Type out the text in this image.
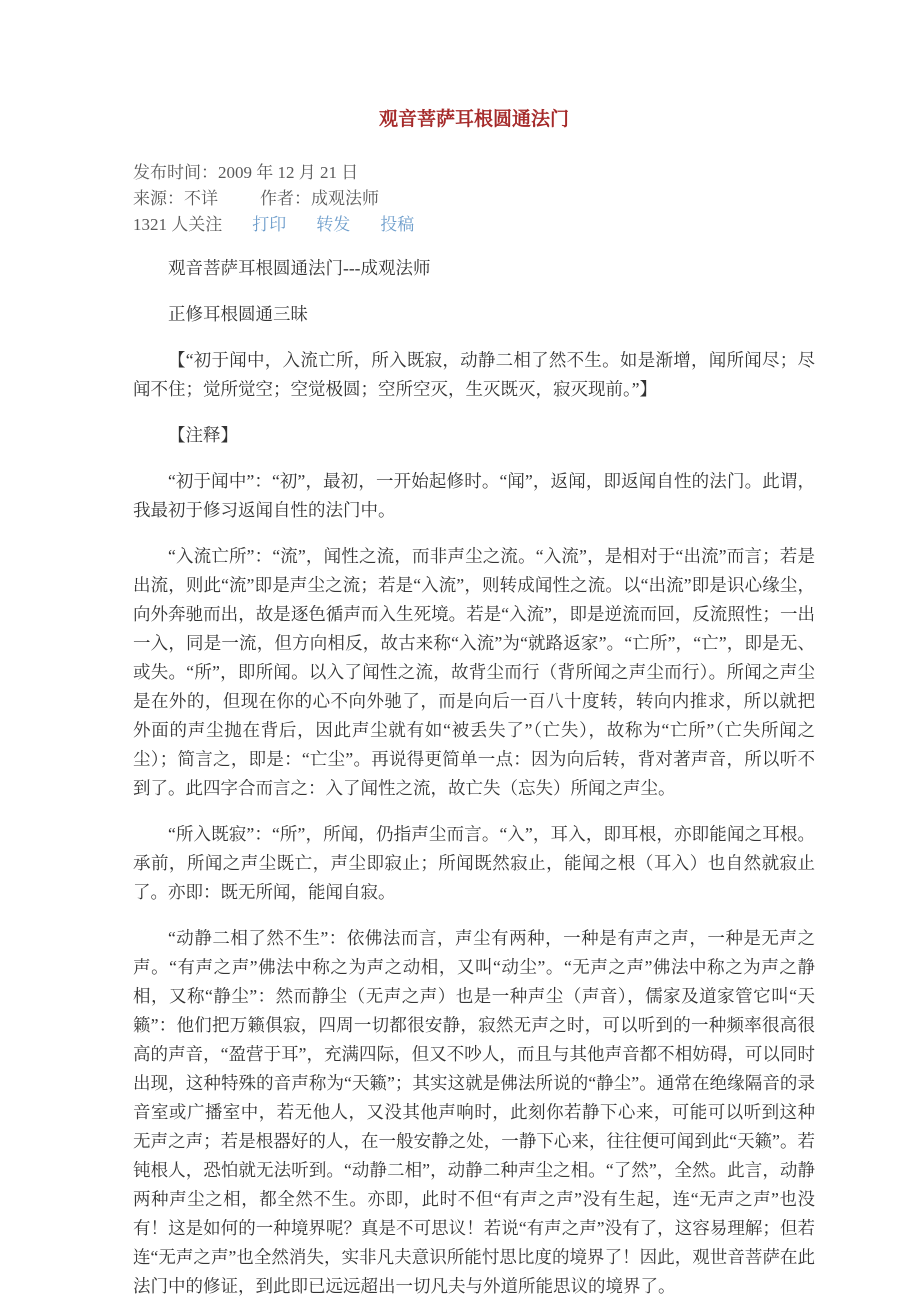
观音菩萨耳根圆通法门
发布时间：2009 年 12 月 21 日
来源：不详 作者：成观法师
1321 人关注 打印 转发 投稿

观音菩萨耳根圆通法门---成观法师

正修耳根圆通三昧

【“初于闻中，入流亡所，所入既寂，动静二相了然不生。如是渐增，闻所闻尽；尽闻不住；觉所觉空；空觉极圆；空所空灭，生灭既灭，寂灭现前。”】

【注释】

“初于闻中”：“初”，最初，一开始起修时。“闻”，返闻，即返闻自性的法门。此谓，我最初于修习返闻自性的法门中。

“入流亡所”：“流”，闻性之流，而非声尘之流。“入流”，是相对于“出流”而言；若是出流，则此“流”即是声尘之流；若是“入流”，则转成闻性之流。以“出流”即是识心缘尘，向外奔驰而出，故是逐色循声而入生死境。若是“入流”，即是逆流而回，反流照性；一出一入，同是一流，但方向相反，故古来称“入流”为“就路返家”。“亡所”，“亡”，即是无、或失。“所”，即所闻。以入了闻性之流，故背尘而行（背所闻之声尘而行）。所闻之声尘是在外的，但现在你的心不向外驰了，而是向后一百八十度转，转向内推求，所以就把外面的声尘抛在背后，因此声尘就有如“被丢失了”（亡失），故称为“亡所”（亡失所闻之尘）；简言之，即是：“亡尘”。再说得更简单一点：因为向后转，背对著声音，所以听不到了。此四字合而言之：入了闻性之流，故亡失（忘失）所闻之声尘。

“所入既寂”：“所”，所闻，仍指声尘而言。“入”，耳入，即耳根，亦即能闻之耳根。承前，所闻之声尘既亡，声尘即寂止；所闻既然寂止，能闻之根（耳入）也自然就寂止了。亦即：既无所闻，能闻自寂。

“动静二相了然不生”：依佛法而言，声尘有两种，一种是有声之声，一种是无声之声。“有声之声”佛法中称之为声之动相，又叫“动尘”。“无声之声”佛法中称之为声之静相，又称“静尘”：然而静尘（无声之声）也是一种声尘（声音），儒家及道家管它叫“天籁”：他们把万籁俱寂，四周一切都很安静，寂然无声之时，可以听到的一种频率很高很高的声音，“盈营于耳”，充满四际，但又不吵人，而且与其他声音都不相妨碍，可以同时出现，这种特殊的音声称为“天籁”；其实这就是佛法所说的“静尘”。通常在绝缘隔音的录音室或广播室中，若无他人，又没其他声响时，此刻你若静下心来，可能可以听到这种无声之声；若是根器好的人，在一般安静之处，一静下心来，往往便可闻到此“天籁”。若钝根人，恐怕就无法听到。“动静二相”，动静二种声尘之相。“了然”，全然。此言，动静两种声尘之相，都全然不生。亦即，此时不但“有声之声”没有生起，连“无声之声”也没有！这是如何的一种境界呢？真是不可思议！若说“有声之声”没有了，这容易理解；但若连“无声之声”也全然消失，实非凡夫意识所能忖思比度的境界了！因此，观世音菩萨在此法门中的修证，到此即已远远超出一切凡夫与外道所能思议的境界了。
